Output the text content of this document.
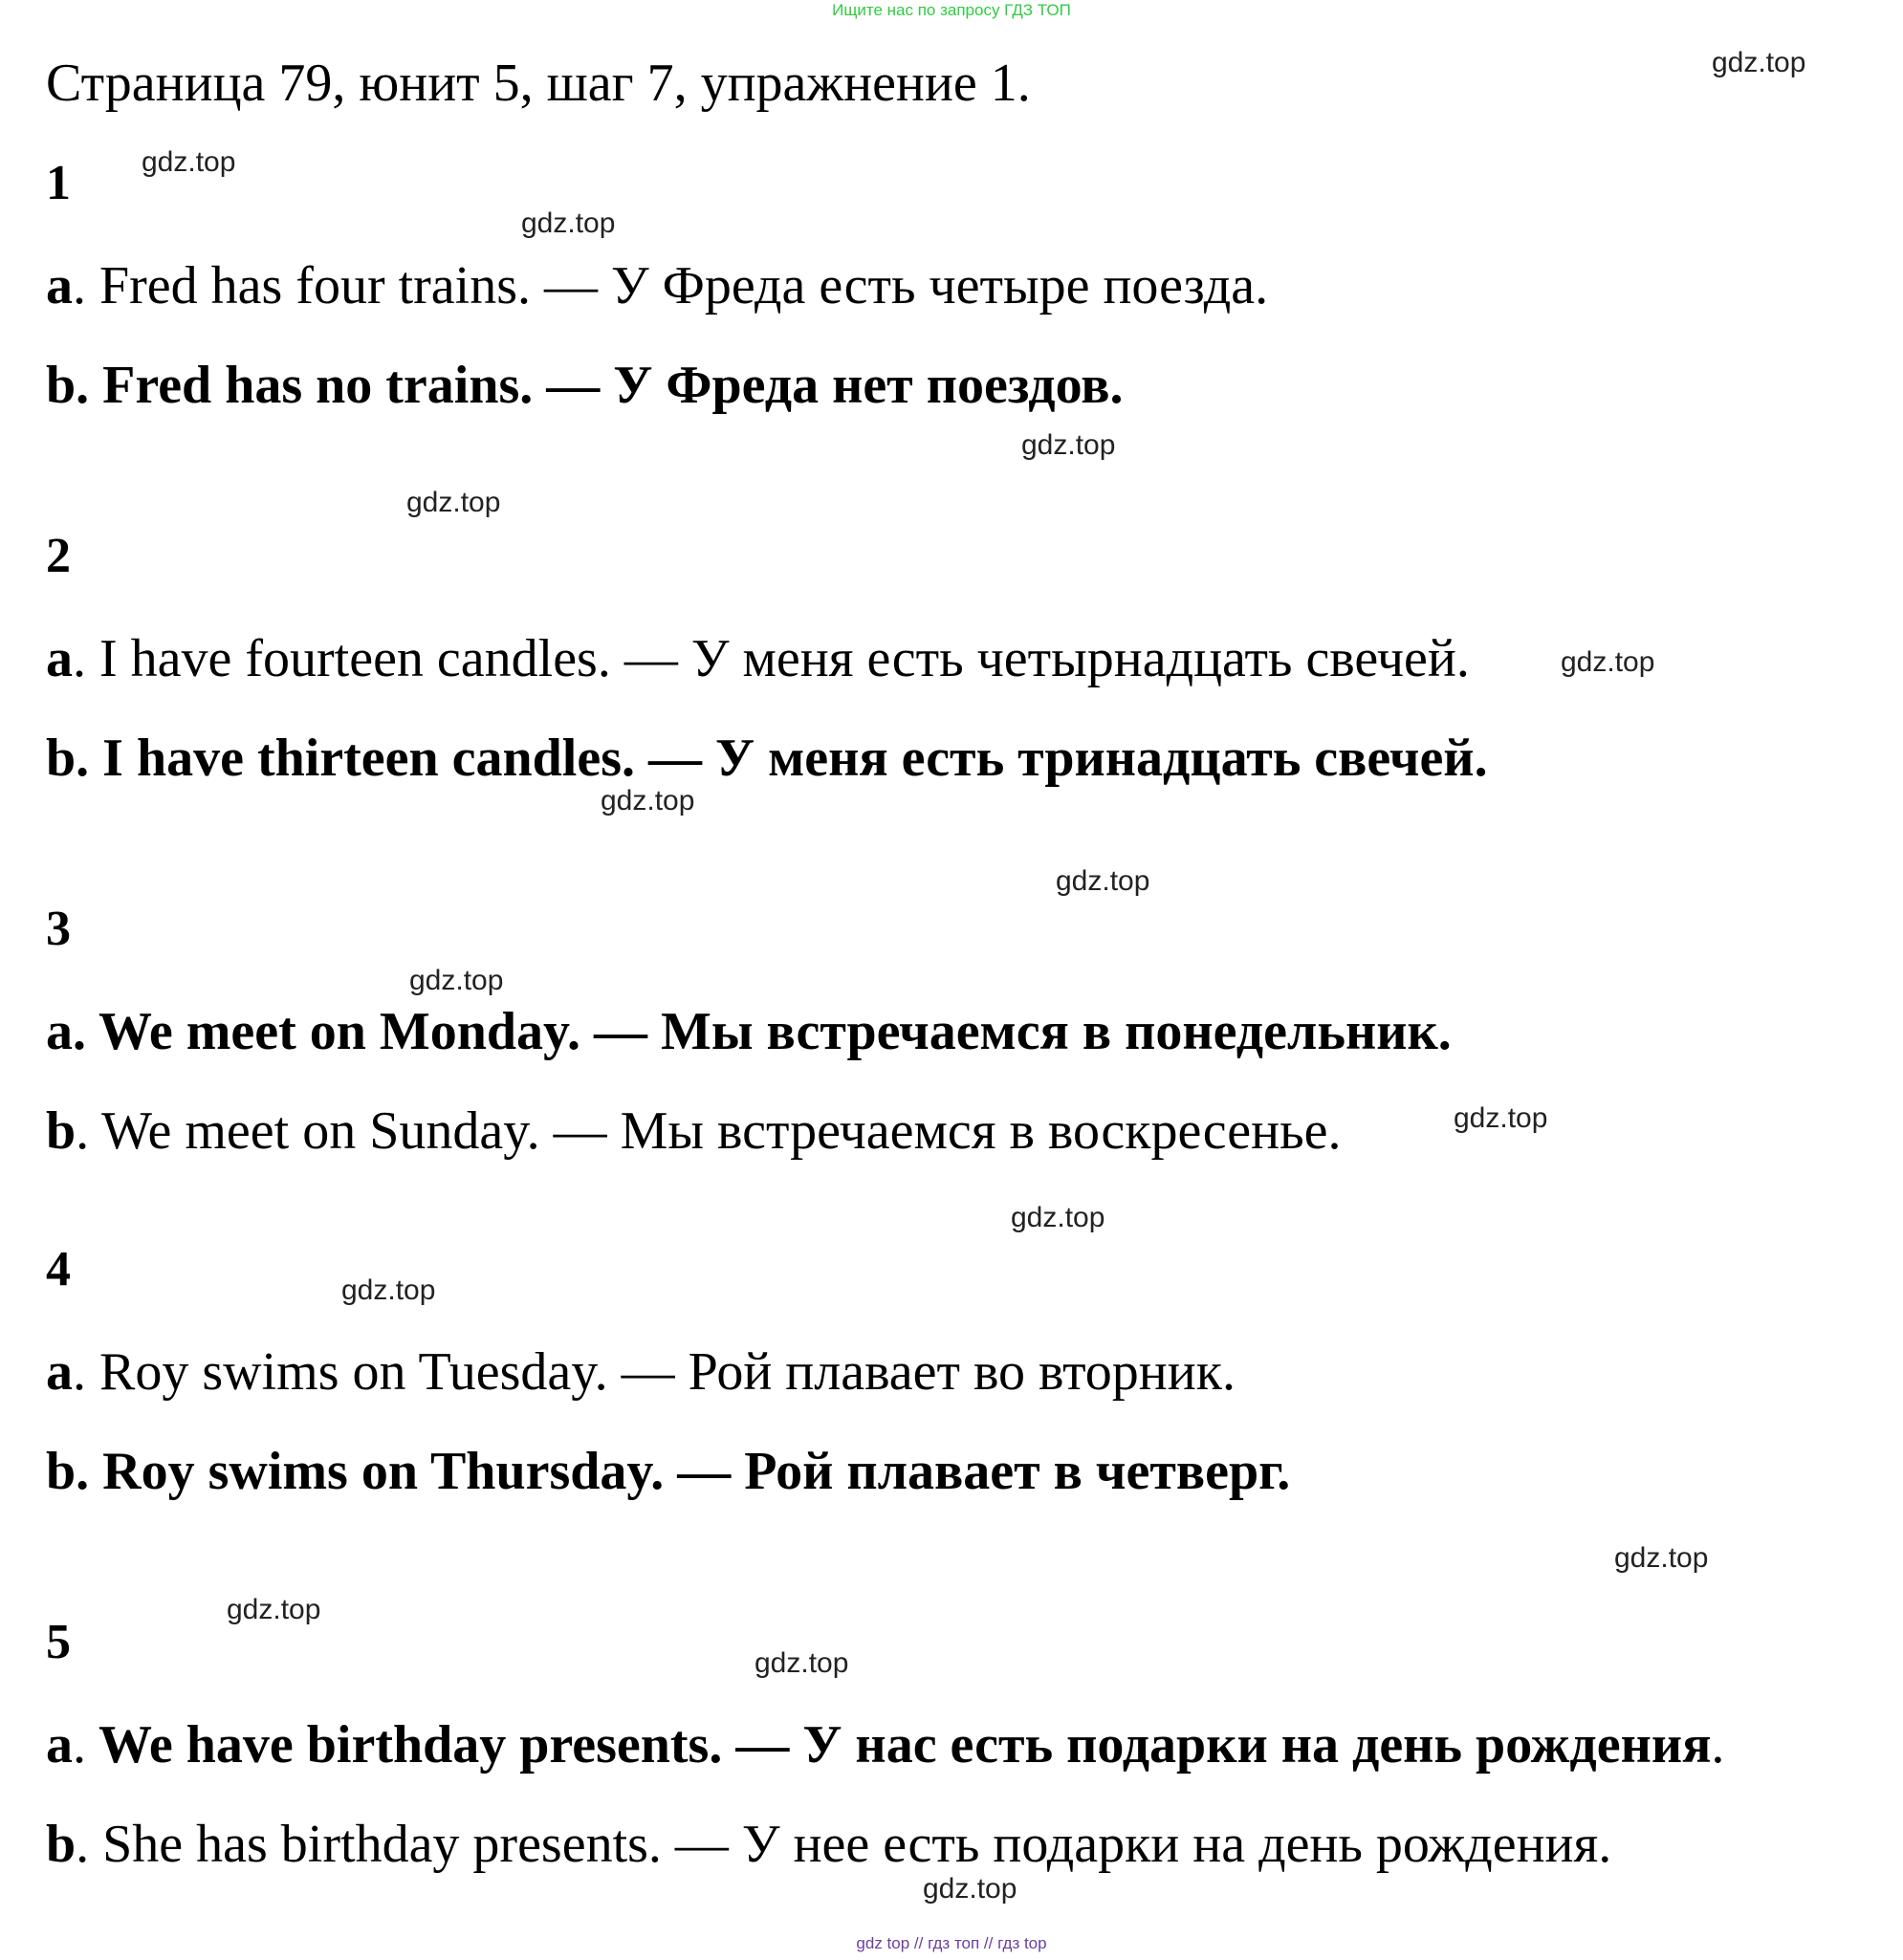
Ищите нас по запросу ГДЗ ТОП
Страница 79, юнит 5, шаг 7, упражнение 1.	gdz.top
gdz.top
gdz.top
gdz.top
gdz.top
gdz.top
gdz.top
gdz.top
gdz.top
gdz.top
gdz.top
gdz.top
gdz.top
gdz.top
gdz.top
gdz.top
1
a. Fred has four trains. — У Фреда есть четыре поезда.
b. Fred has no trains. — У Фреда нет поездов.
2
a. I have fourteen candles. — У меня есть четырнадцать свечей.
b. I have thirteen candles. — У меня есть тринадцать свечей.
3
a. We meet on Monday. — Мы встречаемся в понедельник.
b. We meet on Sunday. — Мы встречаемся в воскресенье.
4
a. Roy swims on Tuesday. — Рой плавает во вторник.
b. Roy swims on Thursday. — Рой плавает в четверг.
5
a. We have birthday presents. — У нас есть подарки на день рождения.
b. She has birthday presents. — У нее есть подарки на день рождения.
gdz top // гдз топ // гдз top
